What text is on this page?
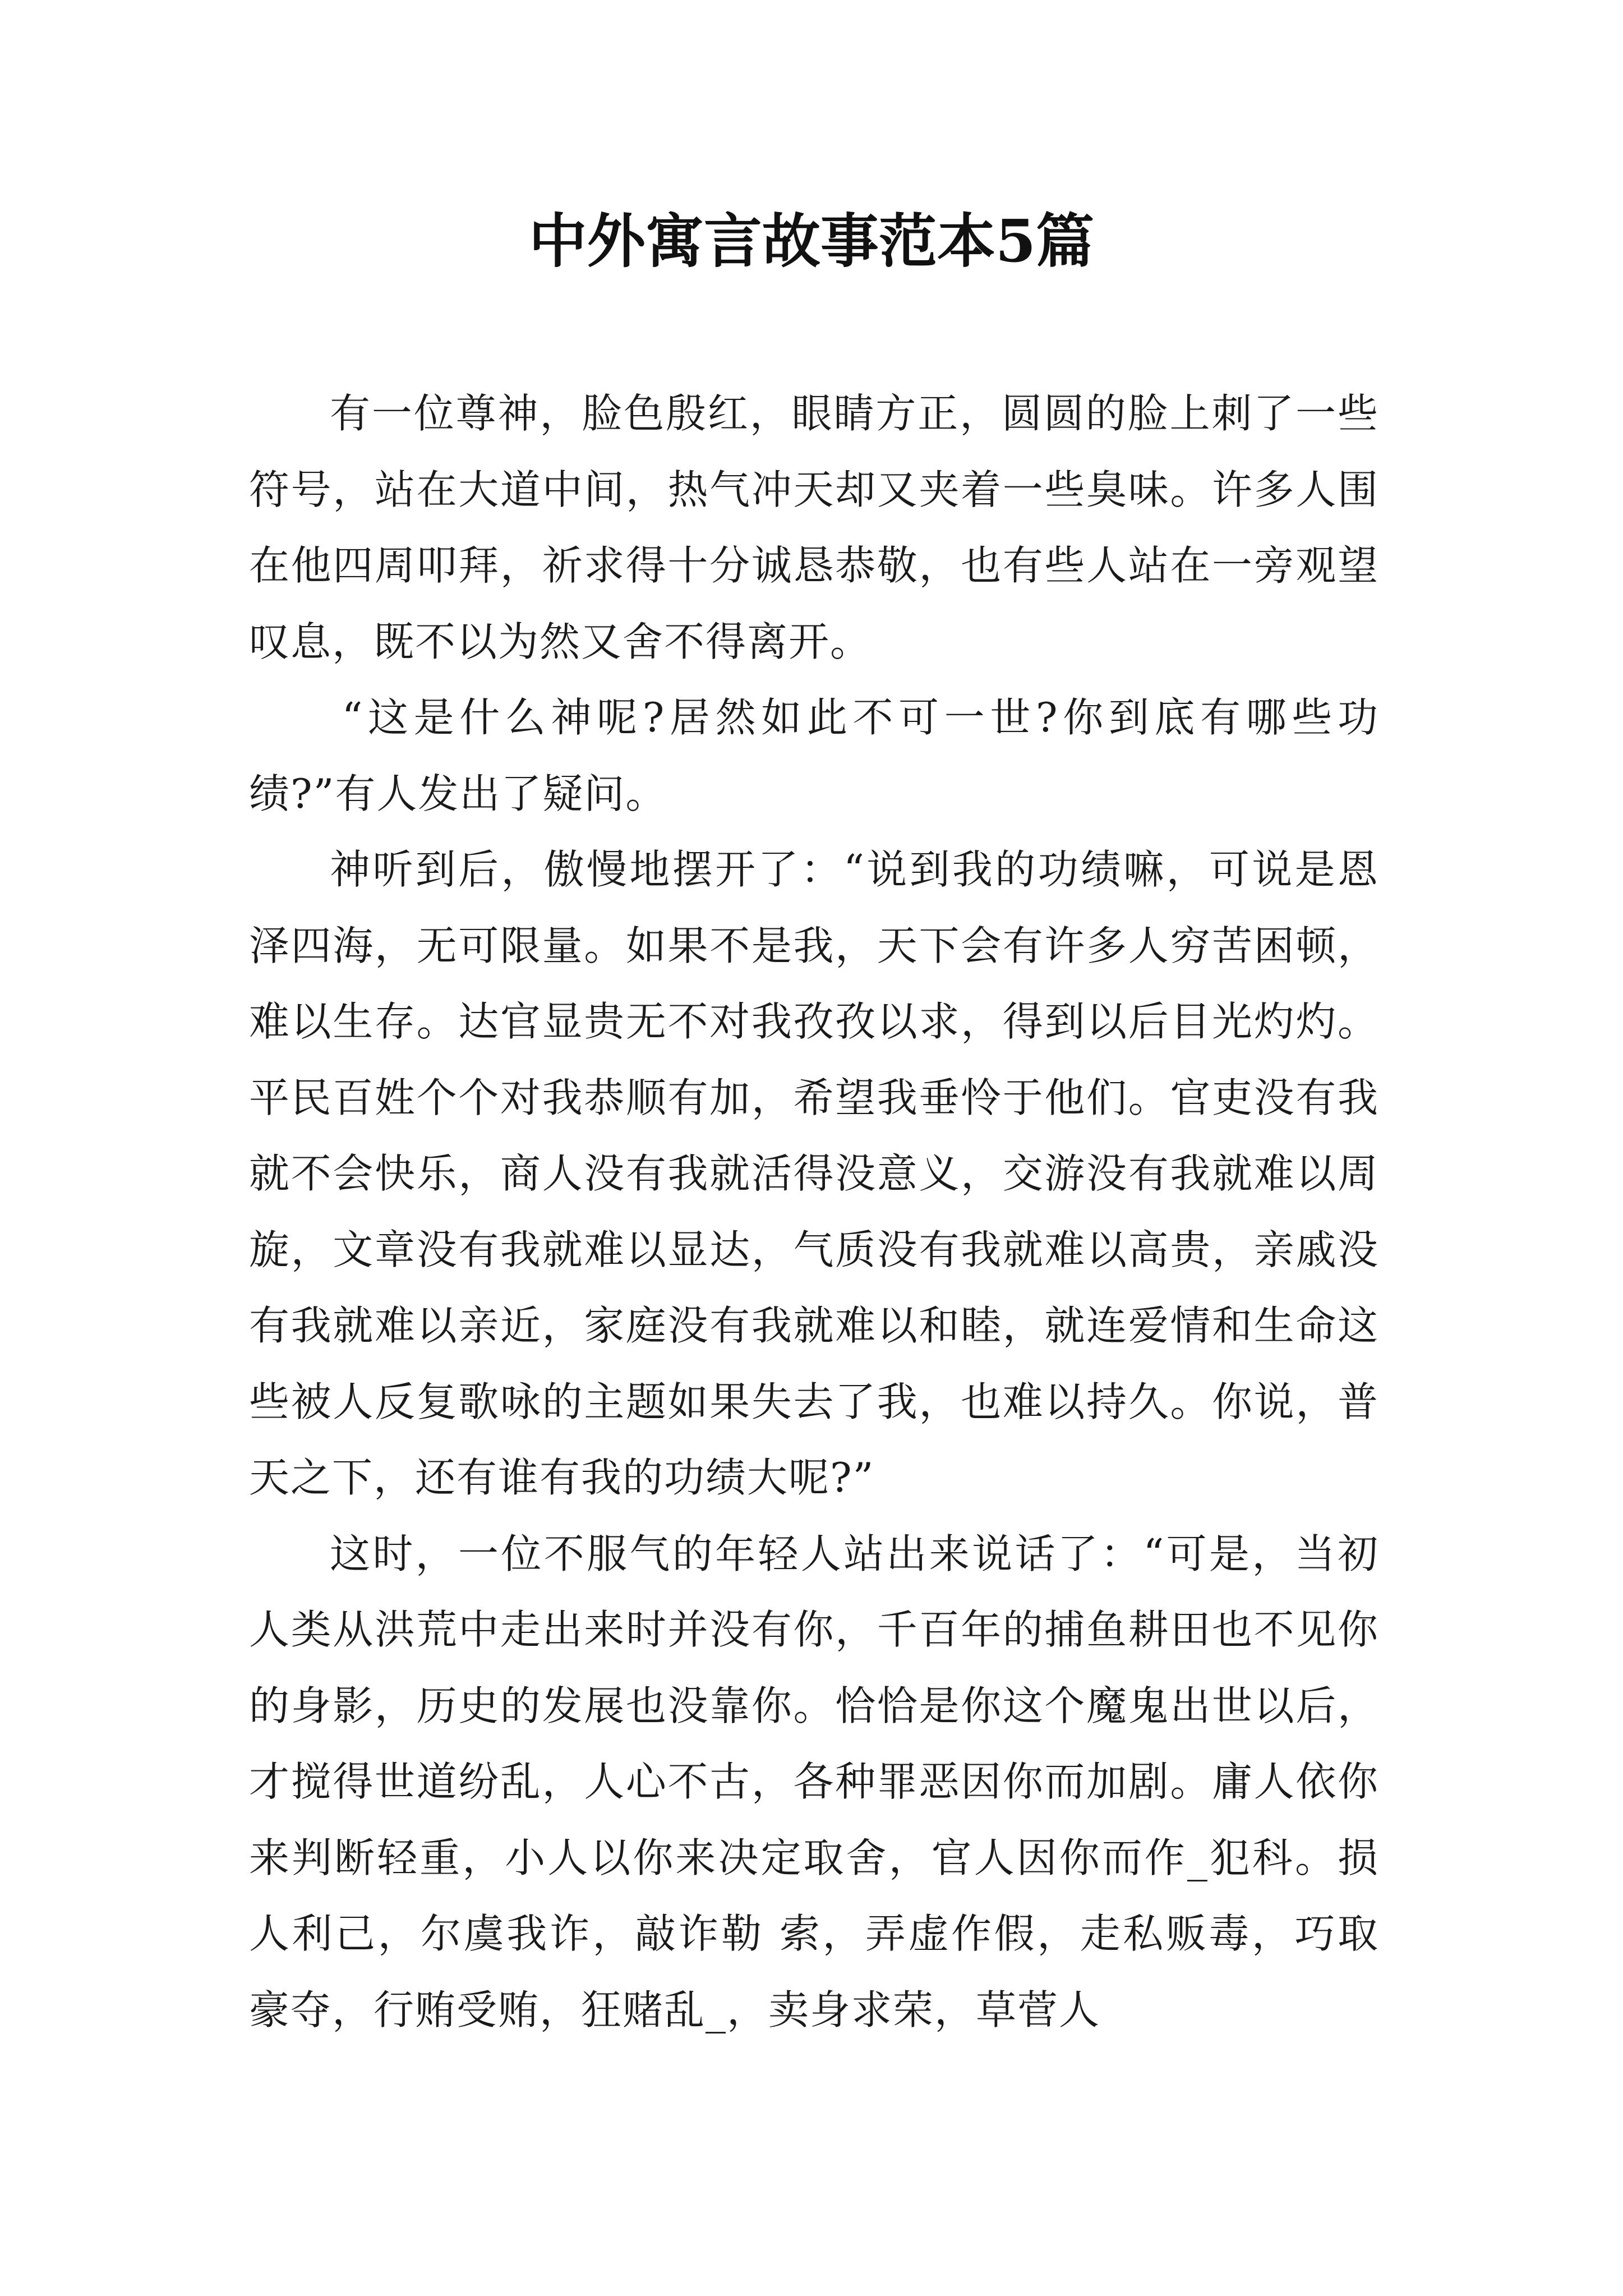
中外寓言故事范本5篇

有一位尊神，脸色殷红，眼睛方正，圆圆的脸上刺了一些符号，站在大道中间，热气冲天却又夹着一些臭味。许多人围在他四周叩拜，祈求得十分诚恳恭敬，也有些人站在一旁观望叹息，既不以为然又舍不得离开。

“这是什么神呢?居然如此不可一世?你到底有哪些功绩?”有人发出了疑问。

神听到后，傲慢地摆开了：“说到我的功绩嘛，可说是恩泽四海，无可限量。如果不是我，天下会有许多人穷苦困顿，难以生存。达官显贵无不对我孜孜以求，得到以后目光灼灼。平民百姓个个对我恭顺有加，希望我垂怜于他们。官吏没有我就不会快乐，商人没有我就活得没意义，交游没有我就难以周旋，文章没有我就难以显达，气质没有我就难以高贵，亲戚没有我就难以亲近，家庭没有我就难以和睦，就连爱情和生命这些被人反复歌咏的主题如果失去了我，也难以持久。你说，普天之下，还有谁有我的功绩大呢?”

这时，一位不服气的年轻人站出来说话了：“可是，当初人类从洪荒中走出来时并没有你，千百年的捕鱼耕田也不见你的身影，历史的发展也没靠你。恰恰是你这个魔鬼出世以后，才搅得世道纷乱，人心不古，各种罪恶因你而加剧。庸人依你来判断轻重，小人以你来决定取舍，官人因你而作_犯科。损人利己，尔虞我诈，敲诈勒 索，弄虚作假，走私贩毒，巧取豪夺，行贿受贿，狂赌乱_，卖身求荣，草菅人
